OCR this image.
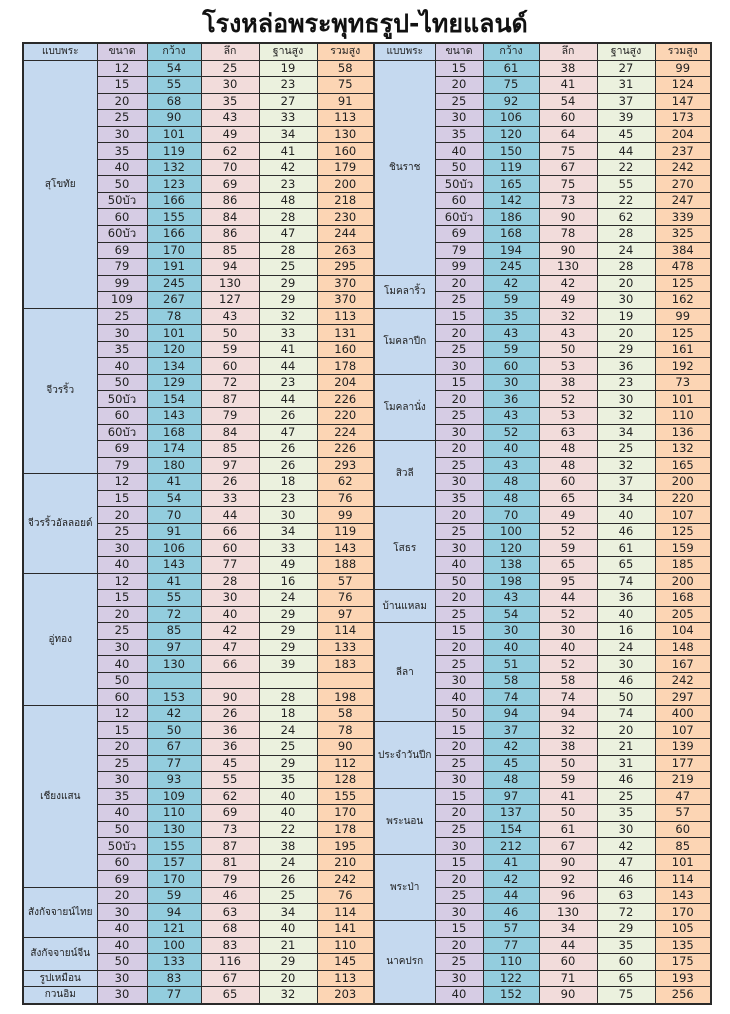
โรงหล่อพระพุทธรูป-ไทยแลนด์
แบบพระ	ขนาด	กว้าง	ลึก	ฐานสูง	รวมสูง	แบบพระ	ขนาด	กว้าง	ลึก	ฐานสูง	รวมสูง
สุโขทัย	12	54	25	19	58	ชินราช	15	61	38	27	99
	15	55	30	23	75		20	75	41	31	124
	20	68	35	27	91		25	92	54	37	147
	25	90	43	33	113		30	106	60	39	173
	30	101	49	34	130		35	120	64	45	204
	35	119	62	41	160		40	150	75	44	237
	40	132	70	42	179		50	119	67	22	242
	50	123	69	23	200		50บัว	165	75	55	270
	50บัว	166	86	48	218		60	142	73	22	247
	60	155	84	28	230		60บัว	186	90	62	339
	60บัว	166	86	47	244		69	168	78	28	325
	69	170	85	28	263		79	194	90	24	384
	79	191	94	25	295		99	245	130	28	478
	99	245	130	29	370	โมคลาริ้ว	20	42	42	20	125
	109	267	127	29	370		25	59	49	30	162
จีวรริ้ว	25	78	43	32	113	โมคลาปีก	15	35	32	19	99
	30	101	50	33	131		20	43	43	20	125
	35	120	59	41	160		25	59	50	29	161
	40	134	60	44	178		30	60	53	36	192
	50	129	72	23	204	โมคลานั่ง	15	30	38	23	73
	50บัว	154	87	44	226		20	36	52	30	101
	60	143	79	26	220		25	43	53	32	110
	60บัว	168	84	47	224		30	52	63	34	136
	69	174	85	26	226	สิวลี	20	40	48	25	132
	79	180	97	26	293		25	43	48	32	165
จีวรริ้วอัลลอยด์	12	41	26	18	62		30	48	60	37	200
	15	54	33	23	76		35	48	65	34	220
	20	70	44	30	99	โสธร	20	70	49	40	107
	25	91	66	34	119		25	100	52	46	125
	30	106	60	33	143		30	120	59	61	159
	40	143	77	49	188		40	138	65	65	185
อู่ทอง	12	41	28	16	57		50	198	95	74	200
	15	55	30	24	76	บ้านแหลม	20	43	44	36	168
	20	72	40	29	97		25	54	52	40	205
	25	85	42	29	114	ลีลา	15	30	30	16	104
	30	97	47	29	133		20	40	40	24	148
	40	130	66	39	183		25	51	52	30	167
	50						30	58	58	46	242
	60	153	90	28	198		40	74	74	50	297
เชียงแสน	12	42	26	18	58		50	94	94	74	400
	15	50	36	24	78	ประจำวันปีก	15	37	32	20	107
	20	67	36	25	90		20	42	38	21	139
	25	77	45	29	112		25	45	50	31	177
	30	93	55	35	128		30	48	59	46	219
	35	109	62	40	155	พระนอน	15	97	41	25	47
	40	110	69	40	170		20	137	50	35	57
	50	130	73	22	178		25	154	61	30	60
	50บัว	155	87	38	195		30	212	67	42	85
	60	157	81	24	210	พระป่า	15	41	90	47	101
	69	170	79	26	242		20	42	92	46	114
สังกัจจายน์ไทย	20	59	46	25	76		25	44	96	63	143
	30	94	63	34	114		30	46	130	72	170
	40	121	68	40	141	นาคปรก	15	57	34	29	105
สังกัจจายน์จีน	40	100	83	21	110		20	77	44	35	135
	50	133	116	29	145		25	110	60	60	175
รูปเหมือน	30	83	67	20	113		30	122	71	65	193
กวนอิม	30	77	65	32	203		40	152	90	75	256
